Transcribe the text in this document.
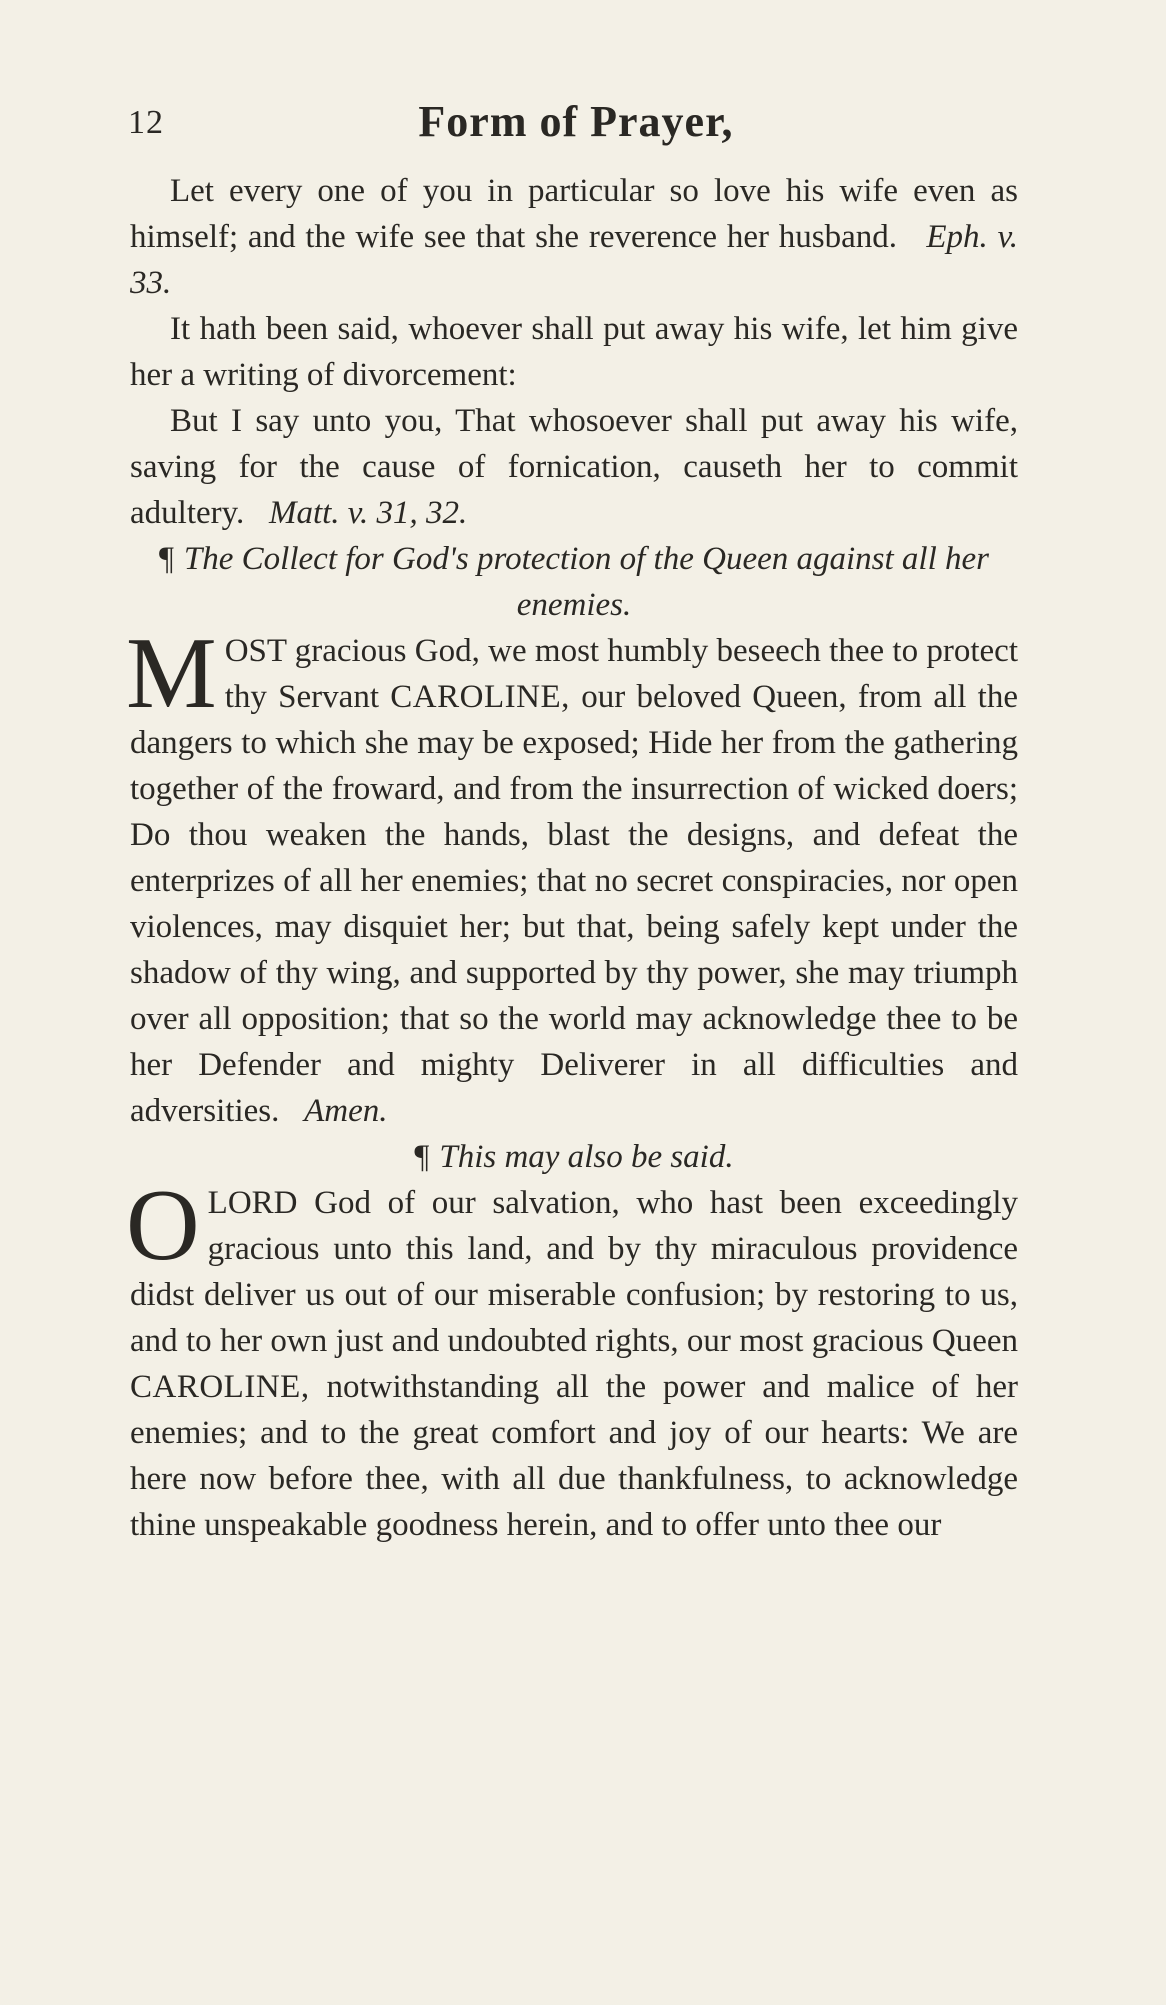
12	Form of Prayer,

Let every one of you in particular so love his wife even as himself; and the wife see that she reverence her husband. Eph. v. 33.

It hath been said, whoever shall put away his wife, let him give her a writing of divorcement:

But I say unto you, That whosoever shall put away his wife, saving for the cause of fornication, causeth her to commit adultery. Matt. v. 31, 32.

¶ The Collect for God's protection of the Queen against all her enemies.

MOST gracious God, we most humbly beseech thee to protect thy Servant CAROLINE, our beloved Queen, from all the dangers to which she may be exposed; Hide her from the gathering together of the froward, and from the insurrection of wicked doers; Do thou weaken the hands, blast the designs, and defeat the enterprizes of all her enemies; that no secret conspiracies, nor open violences, may disquiet her; but that, being safely kept under the shadow of thy wing, and supported by thy power, she may triumph over all opposition; that so the world may acknowledge thee to be her Defender and mighty Deliverer in all difficulties and adversities. Amen.

¶ This may also be said.

OLORD God of our salvation, who hast been exceedingly gracious unto this land, and by thy miraculous providence didst deliver us out of our miserable confusion; by restoring to us, and to her own just and undoubted rights, our most gracious Queen CAROLINE, notwithstanding all the power and malice of her enemies; and to the great comfort and joy of our hearts: We are here now before thee, with all due thankfulness, to acknowledge thine unspeakable goodness herein, and to offer unto thee our
